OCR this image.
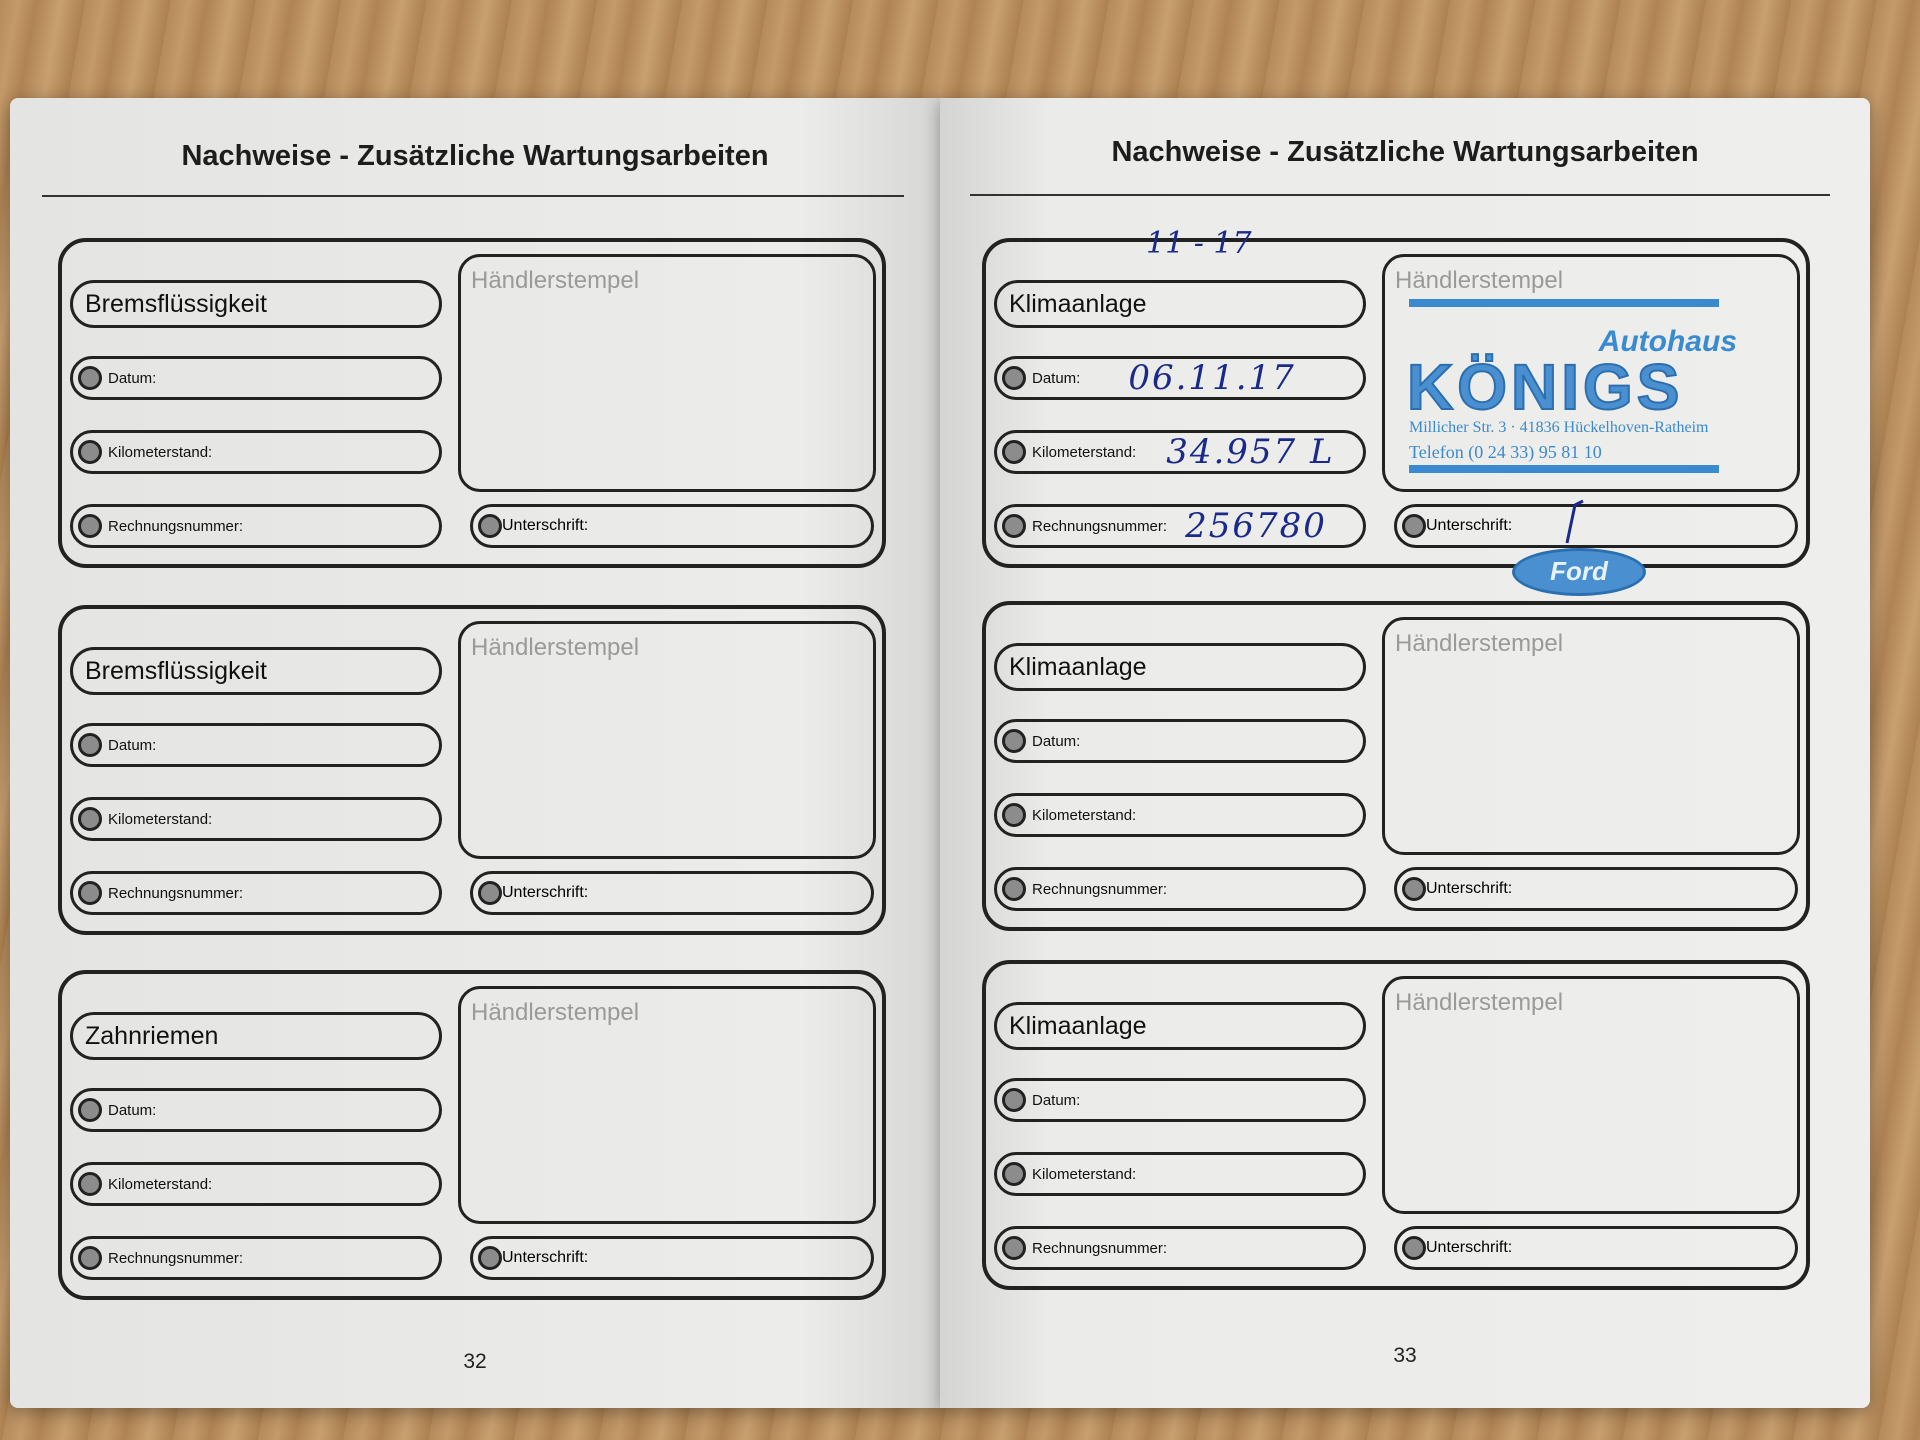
Nachweise - Zusätzliche Wartungsarbeiten
Bremsflüssigkeit
Datum:
Kilometerstand:
Rechnungsnummer:
Händlerstempel
Unterschrift:
Bremsflüssigkeit
Datum:
Kilometerstand:
Rechnungsnummer:
Händlerstempel
Unterschrift:
Zahnriemen
Datum:
Kilometerstand:
Rechnungsnummer:
Händlerstempel
Unterschrift:
32
Nachweise - Zusätzliche Wartungsarbeiten
11 - 17
Klimaanlage
Datum: 06.11.17
Kilometerstand: 34.957 L
Rechnungsnummer: 256780
Händlerstempel
Autohaus
KÖNIGS
Millicher Str. 3 · 41836 Hückelhoven-Ratheim
Telefon (0 24 33) 95 81 10
Unterschrift:
Ford
Klimaanlage
Datum:
Kilometerstand:
Rechnungsnummer:
Händlerstempel
Unterschrift:
Klimaanlage
Datum:
Kilometerstand:
Rechnungsnummer:
Händlerstempel
Unterschrift:
33
